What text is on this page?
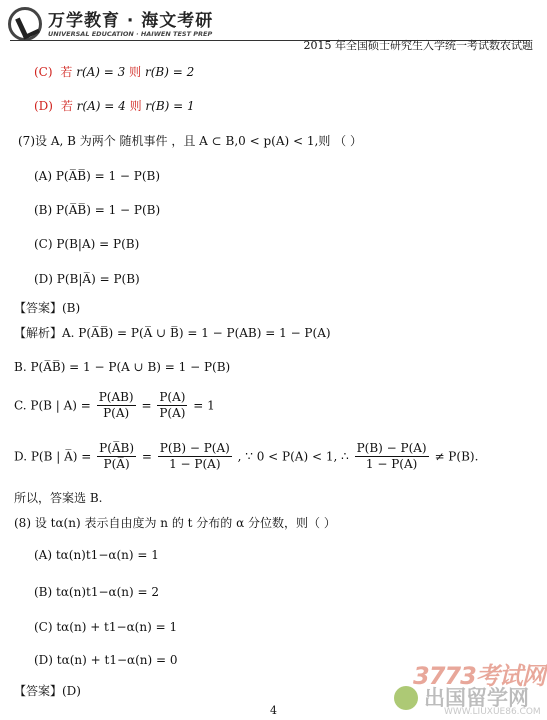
万学教育 · 海文考研
UNIVERSAL EDUCATION · HAIWEN TEST PREP
2015 年全国硕士研究生入学统一考试数农试题
(C) 若 r(A) = 3 则 r(B) = 2
(D) 若 r(A) = 4 则 r(B) = 1
(7)设 A, B 为两个 随机事件 ，且 A ⊂ B,0 < p(A) < 1,则 （ ）
(A) P(A̅B̅̅) = 1 − P(B)
(B) P(A̅B̅) = 1 − P(B)
(C) P(B|A) = P(B)
(D) P(B|A̅) = P(B)
【答案】(B)
【解析】A. P(A̅B̅̅) = P(A̅ ∪ B̅) = 1 − P(AB) = 1 − P(A)
B. P(A̅B̅) = 1 − P(A ∪ B) = 1 − P(B)
C. P(B | $A) = \frac{P(AB)}{P(A)} = \frac{P(A)}{P(A)} = 1$
D. P(B | A̅) = $\frac{P(A̅B)}{P(A̅)} = \frac{P(B) - P(A)}{1 - P(A)}$ , ∵ 0 < P(A) < 1, ∴ $\frac{P(B) - P(A)}{1 - P(A)} \ne P(B)$.
所以，答案选 B.
(8) 设 tα(n) 表示自由度为 n 的 t 分布的 α 分位数，则（ ）
(A) tα(n)t1−α(n) = 1
(B) tα(n)t1−α(n) = 2
(C) tα(n) + t1−α(n) = 1
(D) tα(n) + t1−α(n) = 0
【答案】(D)
3773考试网
出国留学网
WWW.LIUXUE86.COM
4
